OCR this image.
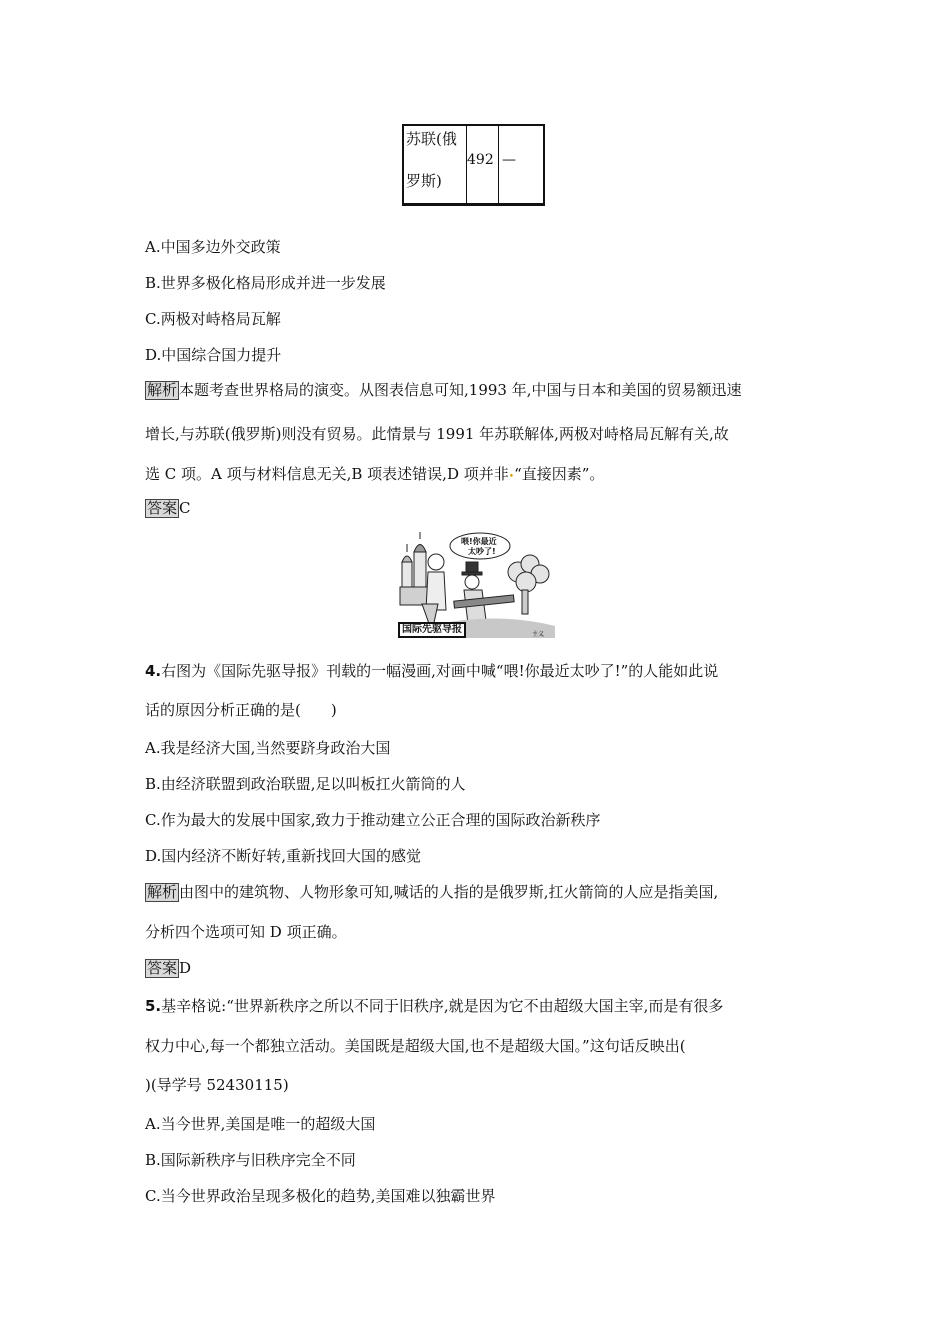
苏联(俄
罗斯)
492 —
A.中国多边外交政策
B.世界多极化格局形成并进一步发展
C.两极对峙格局瓦解
D.中国综合国力提升
解析 本题考查世界格局的演变。从图表信息可知,1993 年,中国与日本和美国的贸易额迅速
增长,与苏联(俄罗斯)则没有贸易。此情景与 1991 年苏联解体,两极对峙格局瓦解有关,故
选 C 项。A 项与材料信息无关,B 项表述错误,D 项并非•“直接因素”。
答案 C
喂!你最近
太吵了!
主义
国际先驱导报
4.右图为《国际先驱导报》刊载的一幅漫画,对画中喊“喂!你最近太吵了!”的人能如此说
话的原因分析正确的是(　　)
A.我是经济大国,当然要跻身政治大国
B.由经济联盟到政治联盟,足以叫板扛火箭筒的人
C.作为最大的发展中国家,致力于推动建立公正合理的国际政治新秩序
D.国内经济不断好转,重新找回大国的感觉
解析 由图中的建筑物、人物形象可知,喊话的人指的是俄罗斯,扛火箭筒的人应是指美国,
分析四个选项可知 D 项正确。
答案 D
5.基辛格说:“世界新秩序之所以不同于旧秩序,就是因为它不由超级大国主宰,而是有很多
权力中心,每一个都独立活动。美国既是超级大国,也不是超级大国。”这句话反映出(
)(导学号 52430115)
A.当今世界,美国是唯一的超级大国
B.国际新秩序与旧秩序完全不同
C.当今世界政治呈现多极化的趋势,美国难以独霸世界
